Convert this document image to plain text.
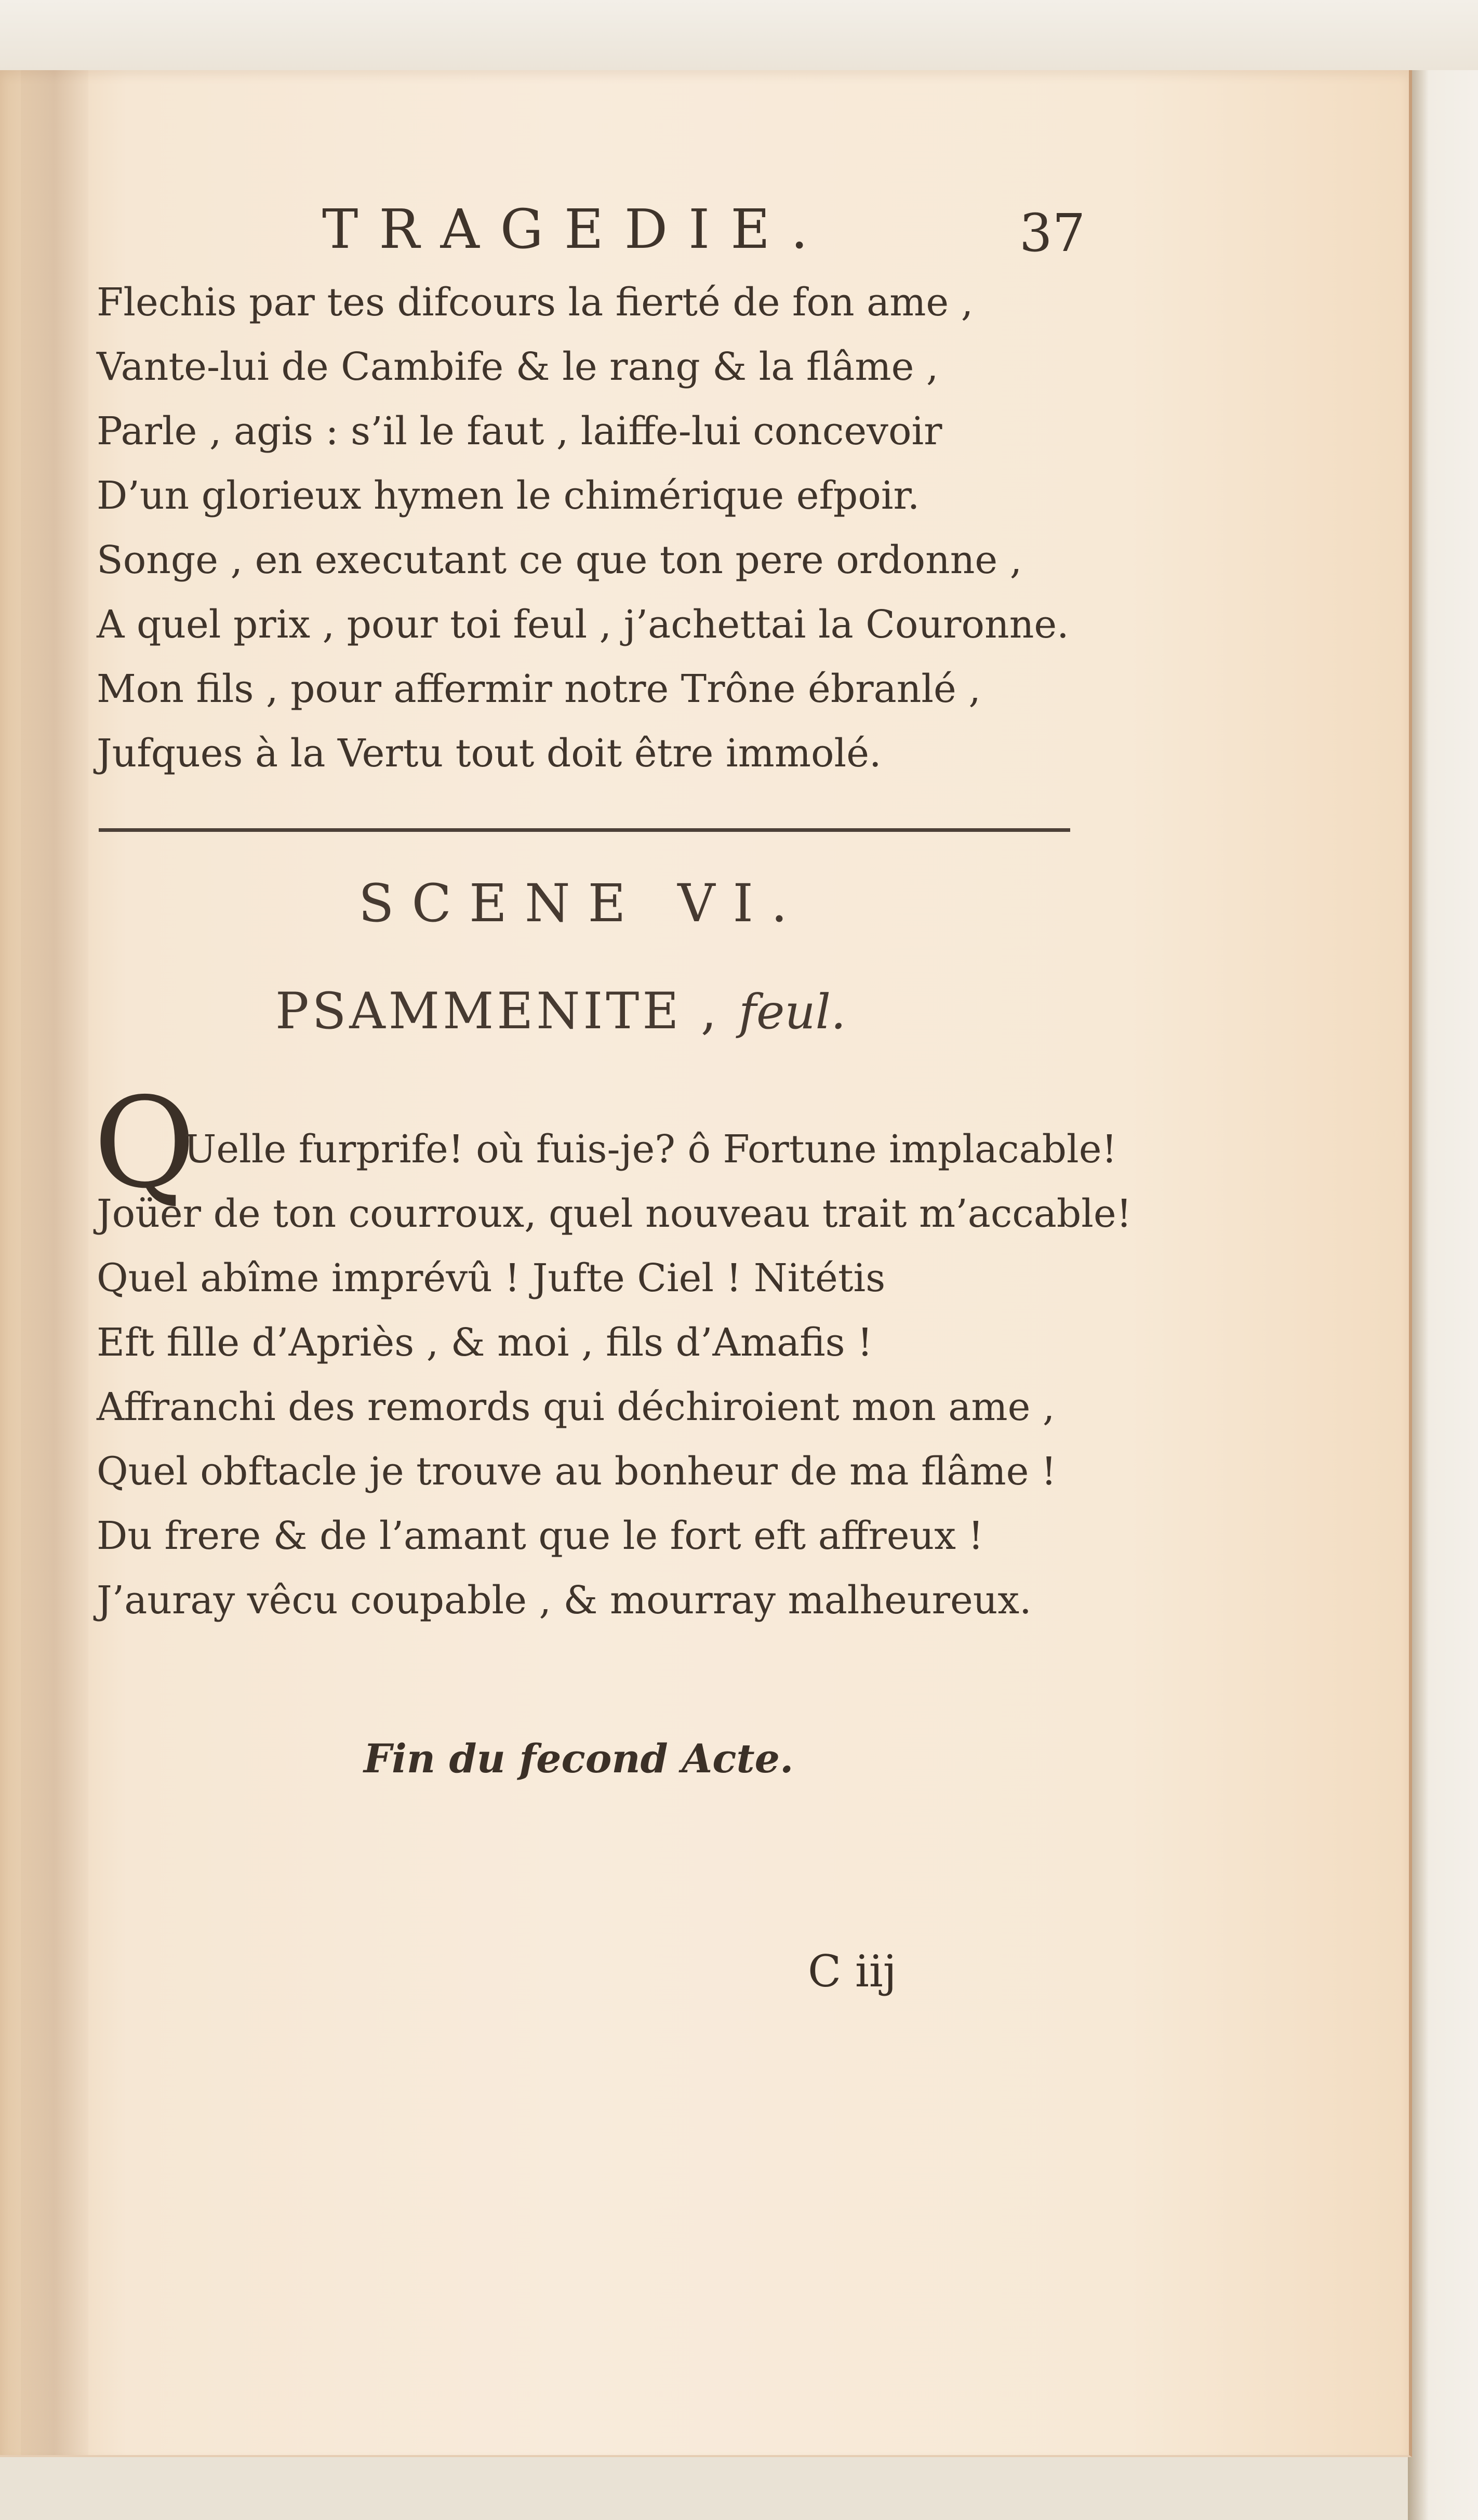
TRAGEDIE.	37
Flechis par tes difcours la fierté de fon ame ,
Vante-lui de Cambife & le rang & la flâme ,
Parle , agis : s’il le faut , laiffe-lui concevoir
D’un glorieux hymen le chimérique efpoir.
Songe , en executant ce que ton pere ordonne ,
A quel prix , pour toi feul , j’achettai la Couronne.
Mon fils , pour affermir notre Trône ébranlé ,
Jufques à la Vertu tout doit être immolé.
SCENE VI.
PSAMMENITE , feul.
Q
Uelle furprife! où fuis-je? ô Fortune implacable!
Joüer de ton courroux, quel nouveau trait m’accable!
Quel abîme imprévû ! Jufte Ciel ! Nitétis
Eft fille d’Apriès , & moi , fils d’Amafis !
Affranchi des remords qui déchiroient mon ame ,
Quel obftacle je trouve au bonheur de ma flâme !
Du frere & de l’amant que le fort eft affreux !
J’auray vêcu coupable , & mourray malheureux.
Fin du fecond Acte.
C iij
